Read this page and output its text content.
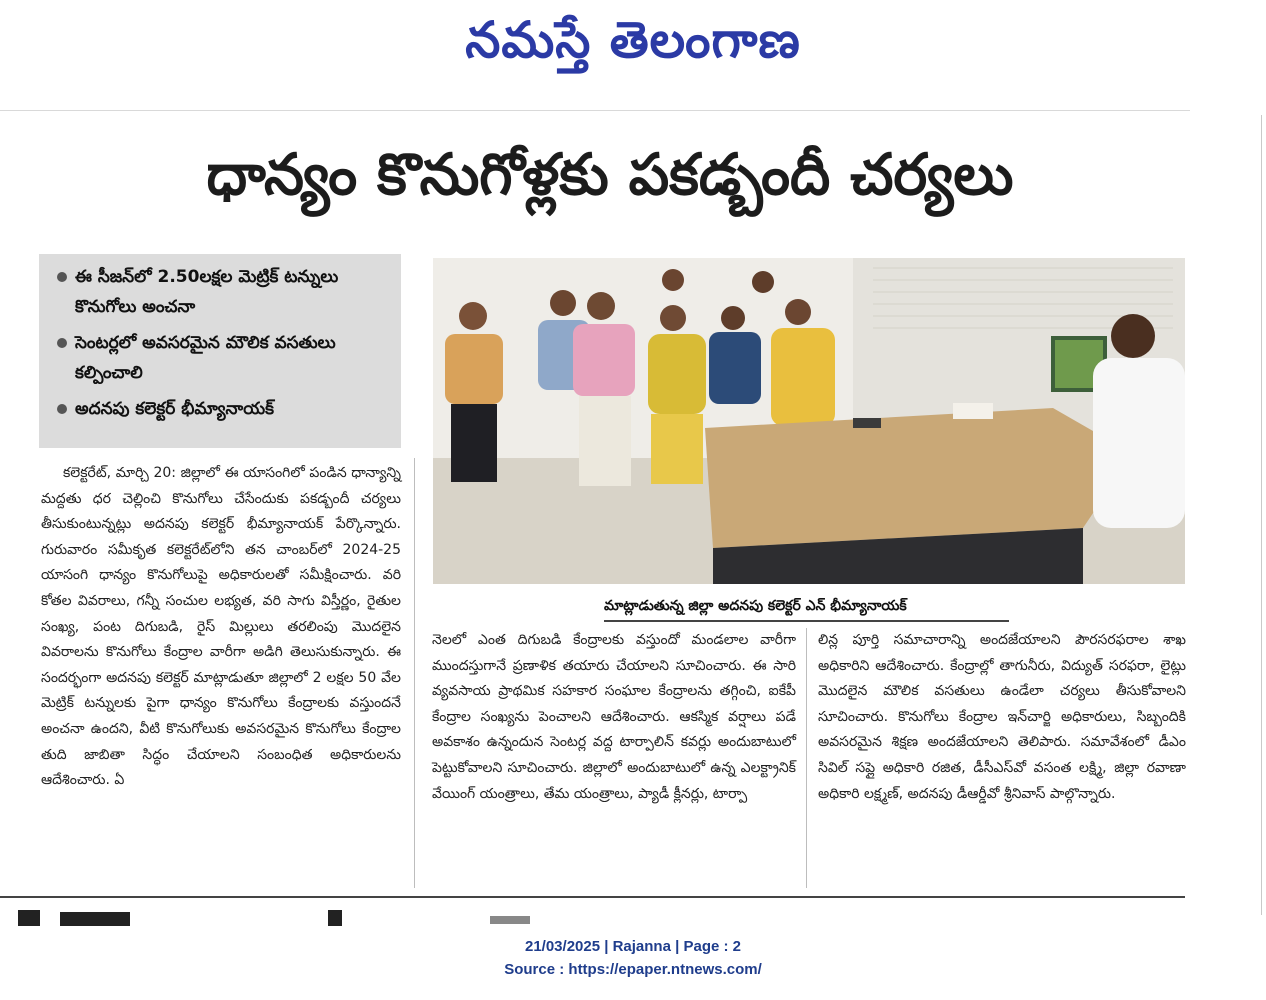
నమస్తే తెలంగాణ
ధాన్యం కొనుగోళ్లకు పకడ్బందీ చర్యలు
ఈ సీజన్‌లో 2.50లక్షల మెట్రిక్ టన్నులు కొనుగోలు అంచనా
సెంటర్లలో అవసరమైన మౌలిక వసతులు కల్పించాలి
అదనపు కలెక్టర్ భీమ్యానాయక్
మాట్లాడుతున్న జిల్లా అదనపు కలెక్టర్ ఎన్ భీమ్యానాయక్
కలెక్టరేట్, మార్చి 20: జిల్లాలో ఈ యాసంగిలో పండిన ధాన్యాన్ని మద్దతు ధర చెల్లించి కొనుగోలు చేసేందుకు పకడ్బందీ చర్యలు తీసుకుంటున్నట్లు అదనపు కలెక్టర్ భీమ్యానాయక్ పేర్కొన్నారు. గురువారం సమీకృత కలెక్టరేట్‌లోని తన చాంబర్‌లో 2024-25 యాసంగి ధాన్యం కొనుగోలుపై అధికారులతో సమీక్షించారు. వరి కోతల వివరాలు, గన్నీ సంచుల లభ్యత, వరి సాగు విస్తీర్ణం, రైతుల సంఖ్య, పంట దిగుబడి, రైస్ మిల్లులు తరలింపు మొదలైన వివరాలను కొనుగోలు కేంద్రాల వారీగా అడిగి తెలుసుకున్నారు. ఈ సందర్భంగా అదనపు కలెక్టర్ మాట్లాడుతూ జిల్లాలో 2 లక్షల 50 వేల మెట్రిక్ టన్నులకు పైగా ధాన్యం కొనుగోలు కేంద్రాలకు వస్తుందనే అంచనా ఉందని, వీటి కొనుగోలుకు అవసరమైన కొనుగోలు కేంద్రాల తుది జాబితా సిద్ధం చేయాలని సంబంధిత అధికారులను ఆదేశించారు. ఏ
నెలలో ఎంత దిగుబడి కేంద్రాలకు వస్తుందో మండలాల వారీగా ముందస్తుగానే ప్రణాళిక తయారు చేయాలని సూచించారు. ఈ సారి వ్యవసాయ ప్రాథమిక సహకార సంఘాల కేంద్రాలను తగ్గించి, ఐకేపీ కేంద్రాల సంఖ్యను పెంచాలని ఆదేశించారు. ఆకస్మిక వర్షాలు పడే అవకాశం ఉన్నందున సెంటర్ల వద్ద టార్పాలిన్ కవర్లు అందుబాటులో పెట్టుకోవాలని సూచించారు. జిల్లాలో అందుబాటులో ఉన్న ఎలక్ట్రానిక్ వేయింగ్ యంత్రాలు, తేమ యంత్రాలు, ప్యాడీ క్లీనర్లు, టార్పా
లిన్ల పూర్తి సమాచారాన్ని అందజేయాలని పౌరసరఫరాల శాఖ అధికారిని ఆదేశించారు. కేంద్రాల్లో తాగునీరు, విద్యుత్ సరఫరా, లైట్లు మొదలైన మౌలిక వసతులు ఉండేలా చర్యలు తీసుకోవాలని సూచించారు. కొనుగోలు కేంద్రాల ఇన్‌చార్జి అధికారులు, సిబ్బందికి అవసరమైన శిక్షణ అందజేయాలని తెలిపారు. సమావేశంలో డీఎం సివిల్ సప్లై అధికారి రజిత, డీసీఎస్‌వో వసంత లక్ష్మి, జిల్లా రవాణా అధికారి లక్ష్మణ్, అదనపు డీఆర్డీవో శ్రీనివాస్ పాల్గొన్నారు.
21/03/2025 | Rajanna | Page : 2
Source : https://epaper.ntnews.com/
